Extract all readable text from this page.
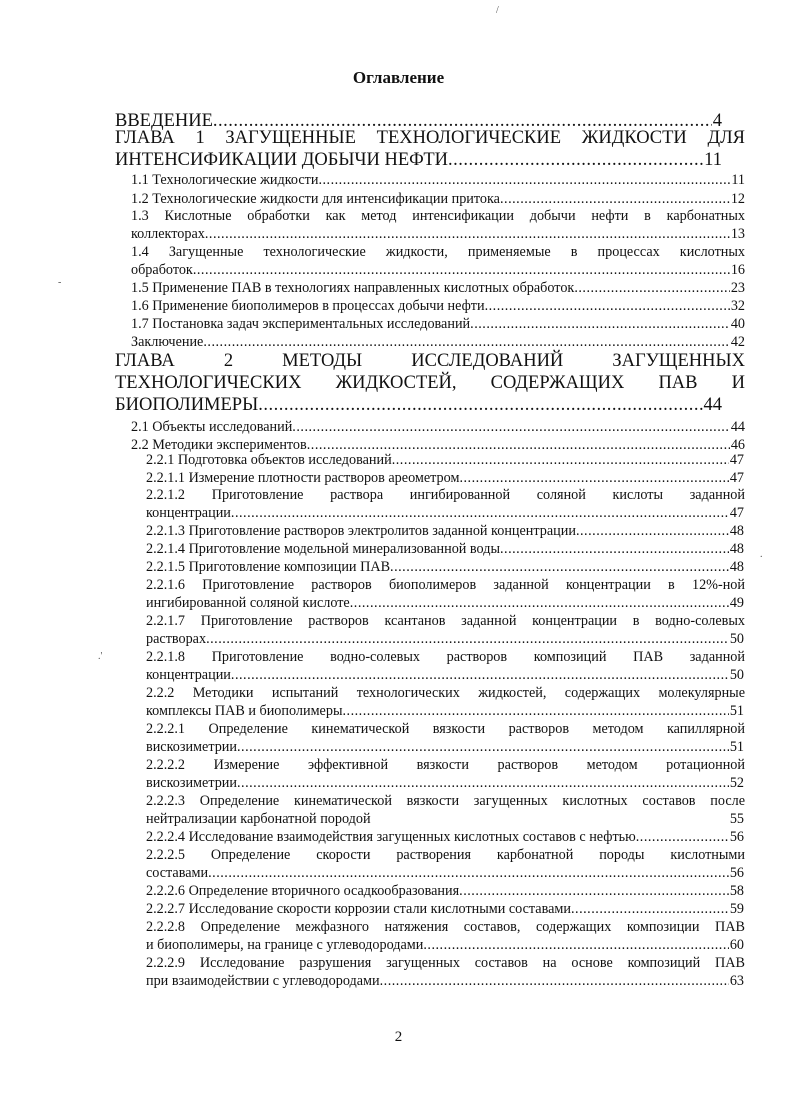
/
-
.'
.
Оглавление
ВВЕДЕНИЕ .....	4
ГЛАВА 1 ЗАГУЩЕННЫЕ ТЕХНОЛОГИЧЕСКИЕ ЖИДКОСТИ ДЛЯ
ИНТЕНСИФИКАЦИИ ДОБЫЧИ НЕФТИ .....	11
1.1 Технологические жидкости .....	11
1.2 Технологические жидкости для интенсификации притока .....	12
1.3 Кислотные обработки как метод интенсификации добычи нефти в карбонатных
коллекторах .....	13
1.4 Загущенные технологические жидкости, применяемые в процессах кислотных
обработок .....	16
1.5 Применение ПАВ в технологиях направленных кислотных обработок .....	23
1.6 Применение биополимеров в процессах добычи нефти .....	32
1.7 Постановка задач экспериментальных исследований .....	40
Заключение .....	42
ГЛАВА 2 МЕТОДЫ ИССЛЕДОВАНИЙ ЗАГУЩЕННЫХ
ТЕХНОЛОГИЧЕСКИХ ЖИДКОСТЕЙ, СОДЕРЖАЩИХ ПАВ И
БИОПОЛИМЕРЫ .....	44
2.1 Объекты исследований .....	44
2.2 Методики экспериментов .....	46
2.2.1 Подготовка объектов исследований .....	47
2.2.1.1 Измерение плотности растворов ареометром .....	47
2.2.1.2 Приготовление раствора ингибированной соляной кислоты заданной
концентрации .....	47
2.2.1.3 Приготовление растворов электролитов заданной концентрации .....	48
2.2.1.4 Приготовление модельной минерализованной воды .....	48
2.2.1.5 Приготовление композиции ПАВ .....	48
2.2.1.6 Приготовление растворов биополимеров заданной концентрации в 12%-ной
ингибированной соляной кислоте .....	49
2.2.1.7 Приготовление растворов ксантанов заданной концентрации в водно-солевых
растворах .....	50
2.2.1.8 Приготовление водно-солевых растворов композиций ПАВ заданной
концентрации .....	50
2.2.2 Методики испытаний технологических жидкостей, содержащих молекулярные
комплексы ПАВ и биополимеры .....	51
2.2.2.1 Определение кинематической вязкости растворов методом капиллярной
вискозиметрии .....	51
2.2.2.2 Измерение эффективной вязкости растворов методом ротационной
вискозиметрии .....	52
2.2.2.3 Определение кинематической вязкости загущенных кислотных составов после
нейтрализации карбонатной породой	55
2.2.2.4 Исследование взаимодействия загущенных кислотных составов с нефтью .....	56
2.2.2.5 Определение скорости растворения карбонатной породы кислотными
составами .....	56
2.2.2.6 Определение вторичного осадкообразования .....	58
2.2.2.7 Исследование скорости коррозии стали кислотными составами .....	59
2.2.2.8 Определение межфазного натяжения составов, содержащих композиции ПАВ
и биополимеры, на границе с углеводородами .....	60
2.2.2.9 Исследование разрушения загущенных составов на основе композиций ПАВ
при взаимодействии с углеводородами .....	63
2
